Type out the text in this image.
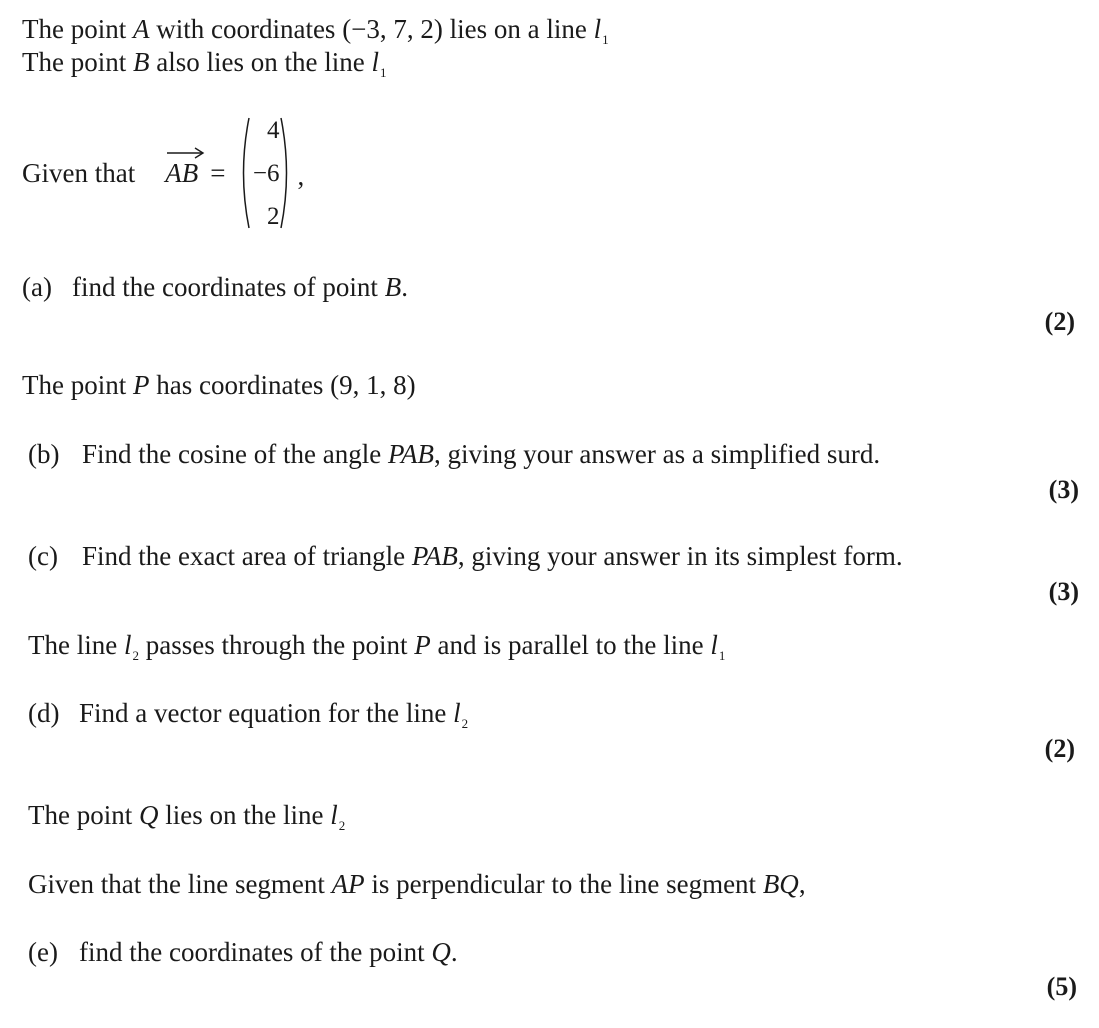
The point A with coordinates (−3, 7, 2) lies on a line $l_1$
The point B also lies on the line $l_1$
Given that AB =
4
−6
2
,
(a) find the coordinates of point B.
(2)
The point P has coordinates (9, 1, 8)
(b) Find the cosine of the angle PAB, giving your answer as a simplified surd.
(3)
(c) Find the exact area of triangle PAB, giving your answer in its simplest form.
(3)
The line $l_2$ passes through the point P and is parallel to the line $l_1$
(d) Find a vector equation for the line $l_2$
(2)
The point Q lies on the line $l_2$
Given that the line segment AP is perpendicular to the line segment BQ,
(e) find the coordinates of the point Q.
(5)
